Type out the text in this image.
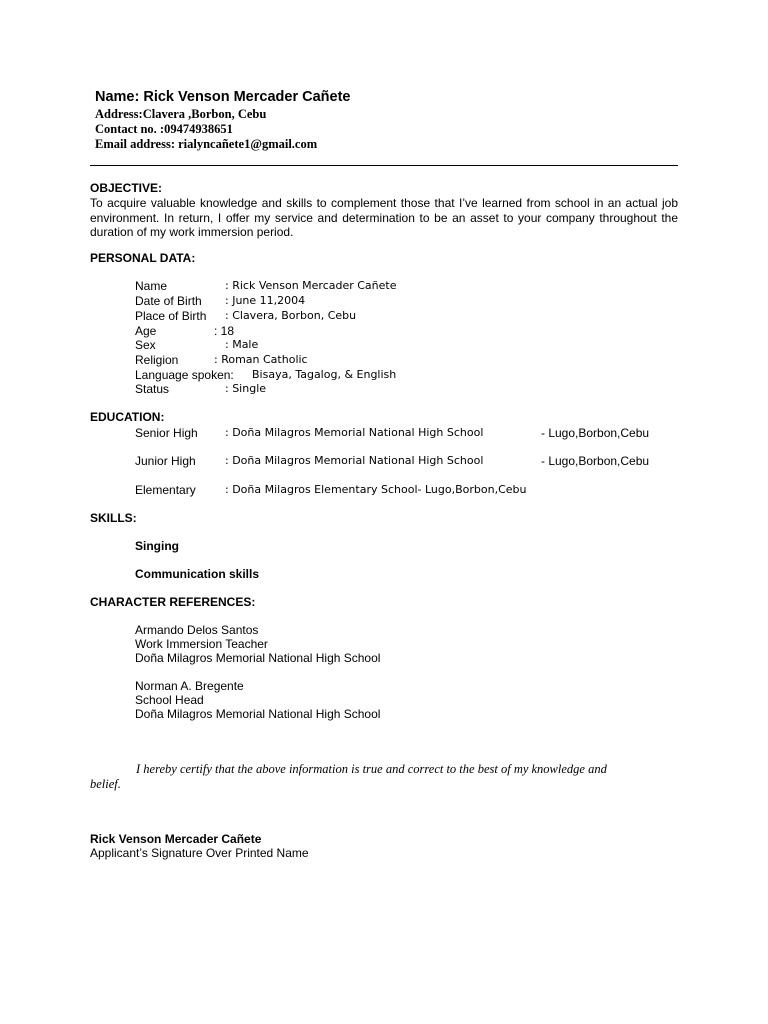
Name: Rick Venson Mercader Cañete
Address:Clavera ,Borbon, Cebu
Contact no. :09474938651
Email address: rialyncañete1@gmail.com
OBJECTIVE:
To acquire valuable knowledge and skills to complement those that I’ve learned from school in an actual job environment. In return, I offer my service and determination to be an asset to your company throughout the duration of my work immersion period.
PERSONAL DATA:
Name	: Rick Venson Mercader Cañete
Date of Birth : June 11,2004
Place of Birth : Clavera, Borbon, Cebu
Age	: 18
Sex	: Male
Religion	: Roman Catholic
Language spoken: Bisaya, Tagalog, & English
Status	: Single
EDUCATION:
Senior High : Doña Milagros Memorial National High School	- Lugo,Borbon,Cebu
Junior High	: Doña Milagros Memorial National High School	- Lugo,Borbon,Cebu
Elementary	: Doña Milagros Elementary School- Lugo,Borbon,Cebu
SKILLS:
Singing
Communication skills
CHARACTER REFERENCES:
Armando Delos Santos
Work Immersion Teacher
Doña Milagros Memorial National High School
Norman A. Bregente
School Head
Doña Milagros Memorial National High School
I hereby certify that the above information is true and correct to the best of my knowledge and belief.
Rick Venson Mercader Cañete
Applicant’s Signature Over Printed Name
